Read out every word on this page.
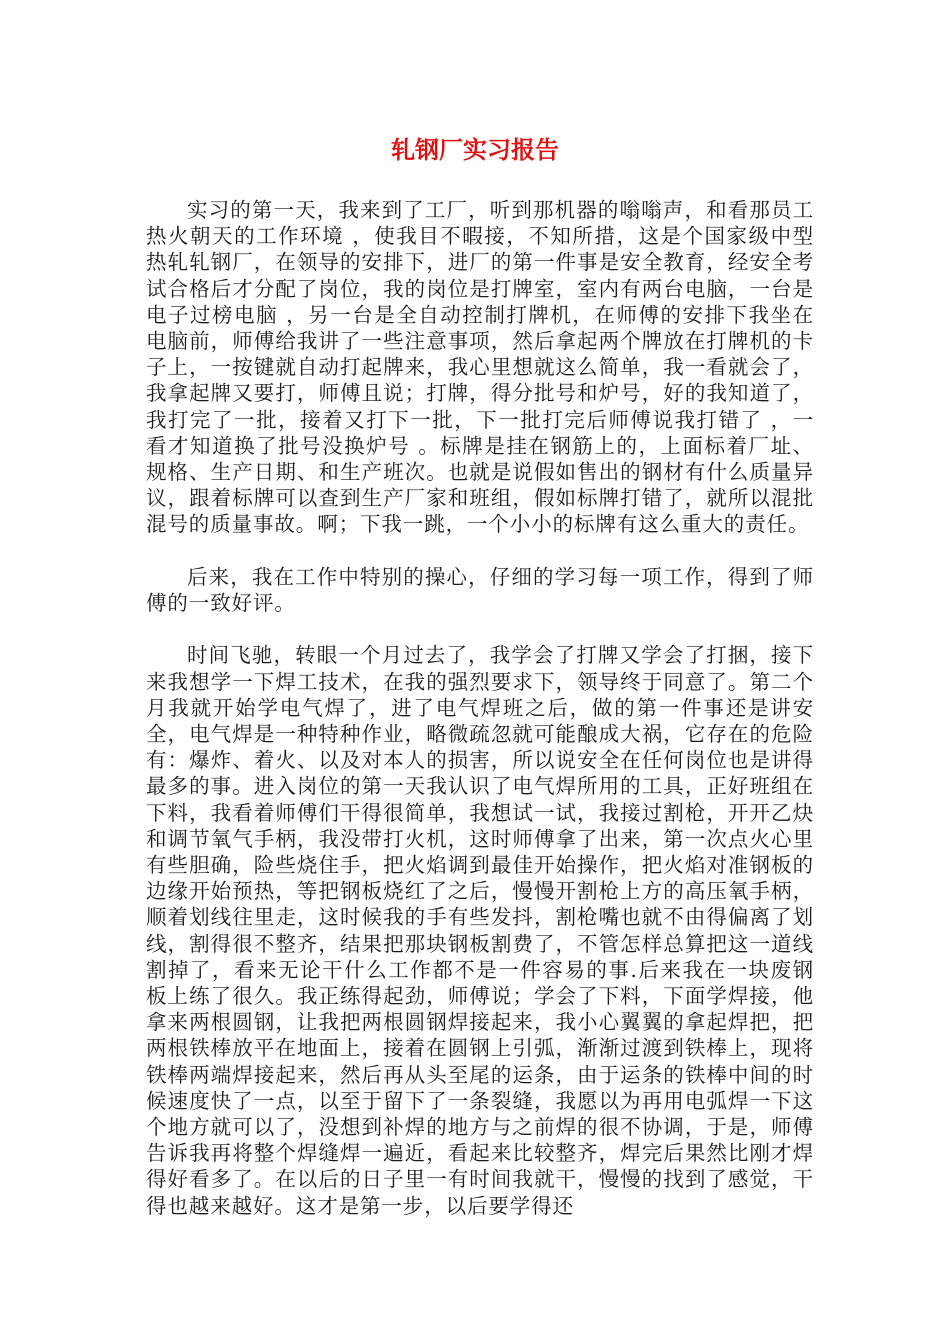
轧钢厂实习报告

实习的第一天，我来到了工厂，听到那机器的嗡嗡声，和看那员工热火朝天的工作环境 ，使我目不暇接，不知所措，这是个国家级中型热轧轧钢厂，在领导的安排下，进厂的第一件事是安全教育，经安全考试合格后才分配了岗位，我的岗位是打牌室，室内有两台电脑，一台是电子过榜电脑 ，另一台是全自动控制打牌机，在师傅的安排下我坐在电脑前，师傅给我讲了一些注意事项，然后拿起两个牌放在打牌机的卡子上，一按键就自动打起牌来，我心里想就这么简单，我一看就会了，我拿起牌又要打，师傅且说；打牌，得分批号和炉号，好的我知道了，我打完了一批，接着又打下一批，下一批打完后师傅说我打错了 ，一看才知道换了批号没换炉号 。标牌是挂在钢筋上的，上面标着厂址、规格、生产日期、和生产班次。也就是说假如售出的钢材有什么质量异议，跟着标牌可以查到生产厂家和班组，假如标牌打错了，就所以混批混号的质量事故。啊；下我一跳，一个小小的标牌有这么重大的责任。

后来，我在工作中特别的操心，仔细的学习每一项工作，得到了师傅的一致好评。

时间飞驰，转眼一个月过去了，我学会了打牌又学会了打捆，接下来我想学一下焊工技术，在我的强烈要求下，领导终于同意了。第二个月我就开始学电气焊了，进了电气焊班之后，做的第一件事还是讲安全，电气焊是一种特种作业，略微疏忽就可能酿成大祸，它存在的危险有：爆炸、着火、以及对本人的损害，所以说安全在任何岗位也是讲得最多的事。进入岗位的第一天我认识了电气焊所用的工具，正好班组在下料，我看着师傅们干得很简单，我想试一试，我接过割枪，开开乙炔和调节氧气手柄，我没带打火机，这时师傅拿了出来，第一次点火心里有些胆确，险些烧住手，把火焰调到最佳开始操作，把火焰对准钢板的边缘开始预热，等把钢板烧红了之后，慢慢开割枪上方的高压氧手柄，顺着划线往里走，这时候我的手有些发抖，割枪嘴也就不由得偏离了划线，割得很不整齐，结果把那块钢板割费了，不管怎样总算把这一道线割掉了，看来无论干什么工作都不是一件容易的事.后来我在一块废钢板上练了很久。我正练得起劲，师傅说；学会了下料，下面学焊接，他拿来两根圆钢，让我把两根圆钢焊接起来，我小心翼翼的拿起焊把，把两根铁棒放平在地面上，接着在圆钢上引弧，渐渐过渡到铁棒上，现将铁棒两端焊接起来，然后再从头至尾的运条，由于运条的铁棒中间的时候速度快了一点，以至于留下了一条裂缝，我愿以为再用电弧焊一下这个地方就可以了，没想到补焊的地方与之前焊的很不协调，于是，师傅告诉我再将整个焊缝焊一遍近，看起来比较整齐，焊完后果然比刚才焊得好看多了。在以后的日子里一有时间我就干，慢慢的找到了感觉，干得也越来越好。这才是第一步，以后要学得还
